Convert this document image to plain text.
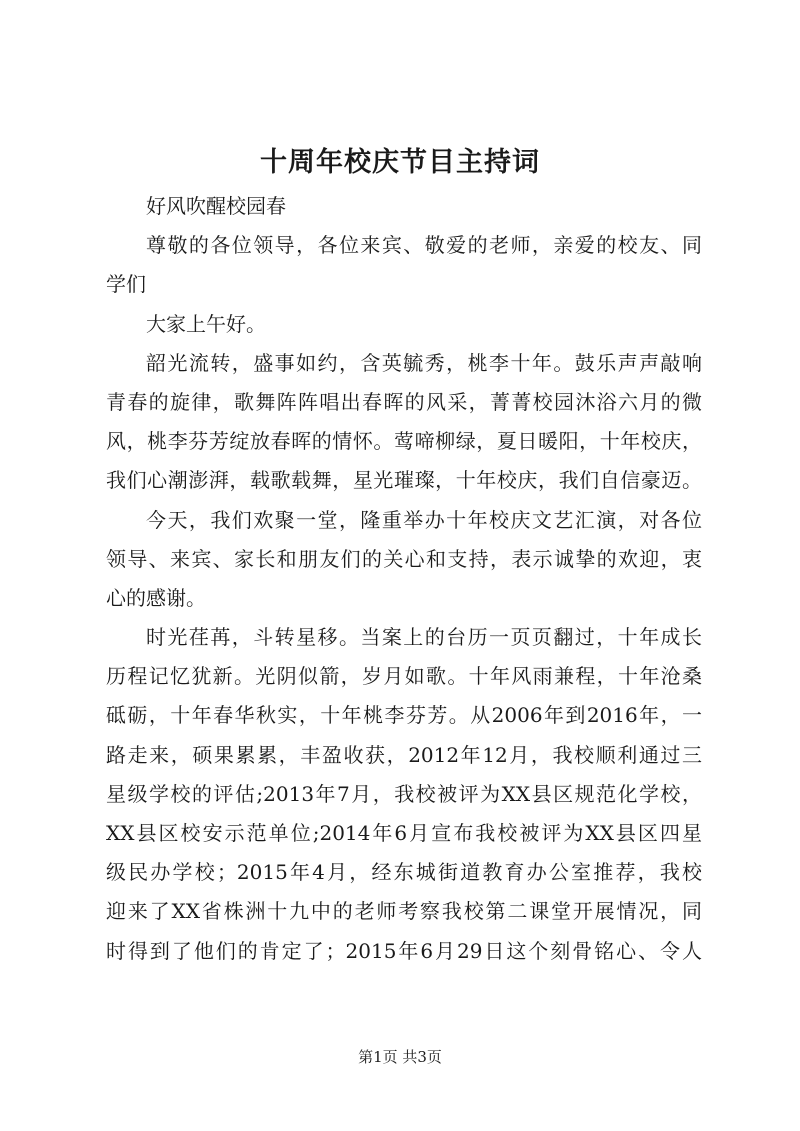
十周年校庆节目主持词
好风吹醒校园春
尊敬的各位领导，各位来宾、敬爱的老师，亲爱的校友、同
学们
大家上午好。
韶光流转，盛事如约，含英毓秀，桃李十年。鼓乐声声敲响
青春的旋律，歌舞阵阵唱出春晖的风采，菁菁校园沐浴六月的微
风，桃李芬芳绽放春晖的情怀。莺啼柳绿，夏日暖阳，十年校庆，
我们心潮澎湃，载歌载舞，星光璀璨，十年校庆，我们自信豪迈。
今天，我们欢聚一堂，隆重举办十年校庆文艺汇演，对各位
领导、来宾、家长和朋友们的关心和支持，表示诚挚的欢迎，衷
心的感谢。
时光荏苒，斗转星移。当案上的台历一页页翻过，十年成长
历程记忆犹新。光阴似箭，岁月如歌。十年风雨兼程，十年沧桑
砥砺，十年春华秋实，十年桃李芬芳。从2006年到2016年，一
路走来，硕果累累，丰盈收获，2012年12月，我校顺利通过三
星级学校的评估;2013年7月，我校被评为XX县区规范化学校，
XX县区校安示范单位;2014年6月宣布我校被评为XX县区四星
级民办学校；2015年4月，经东城街道教育办公室推荐，我校
迎来了XX省株洲十九中的老师考察我校第二课堂开展情况，同
时得到了他们的肯定了；2015年6月29日这个刻骨铭心、令人
第1页 共3页
